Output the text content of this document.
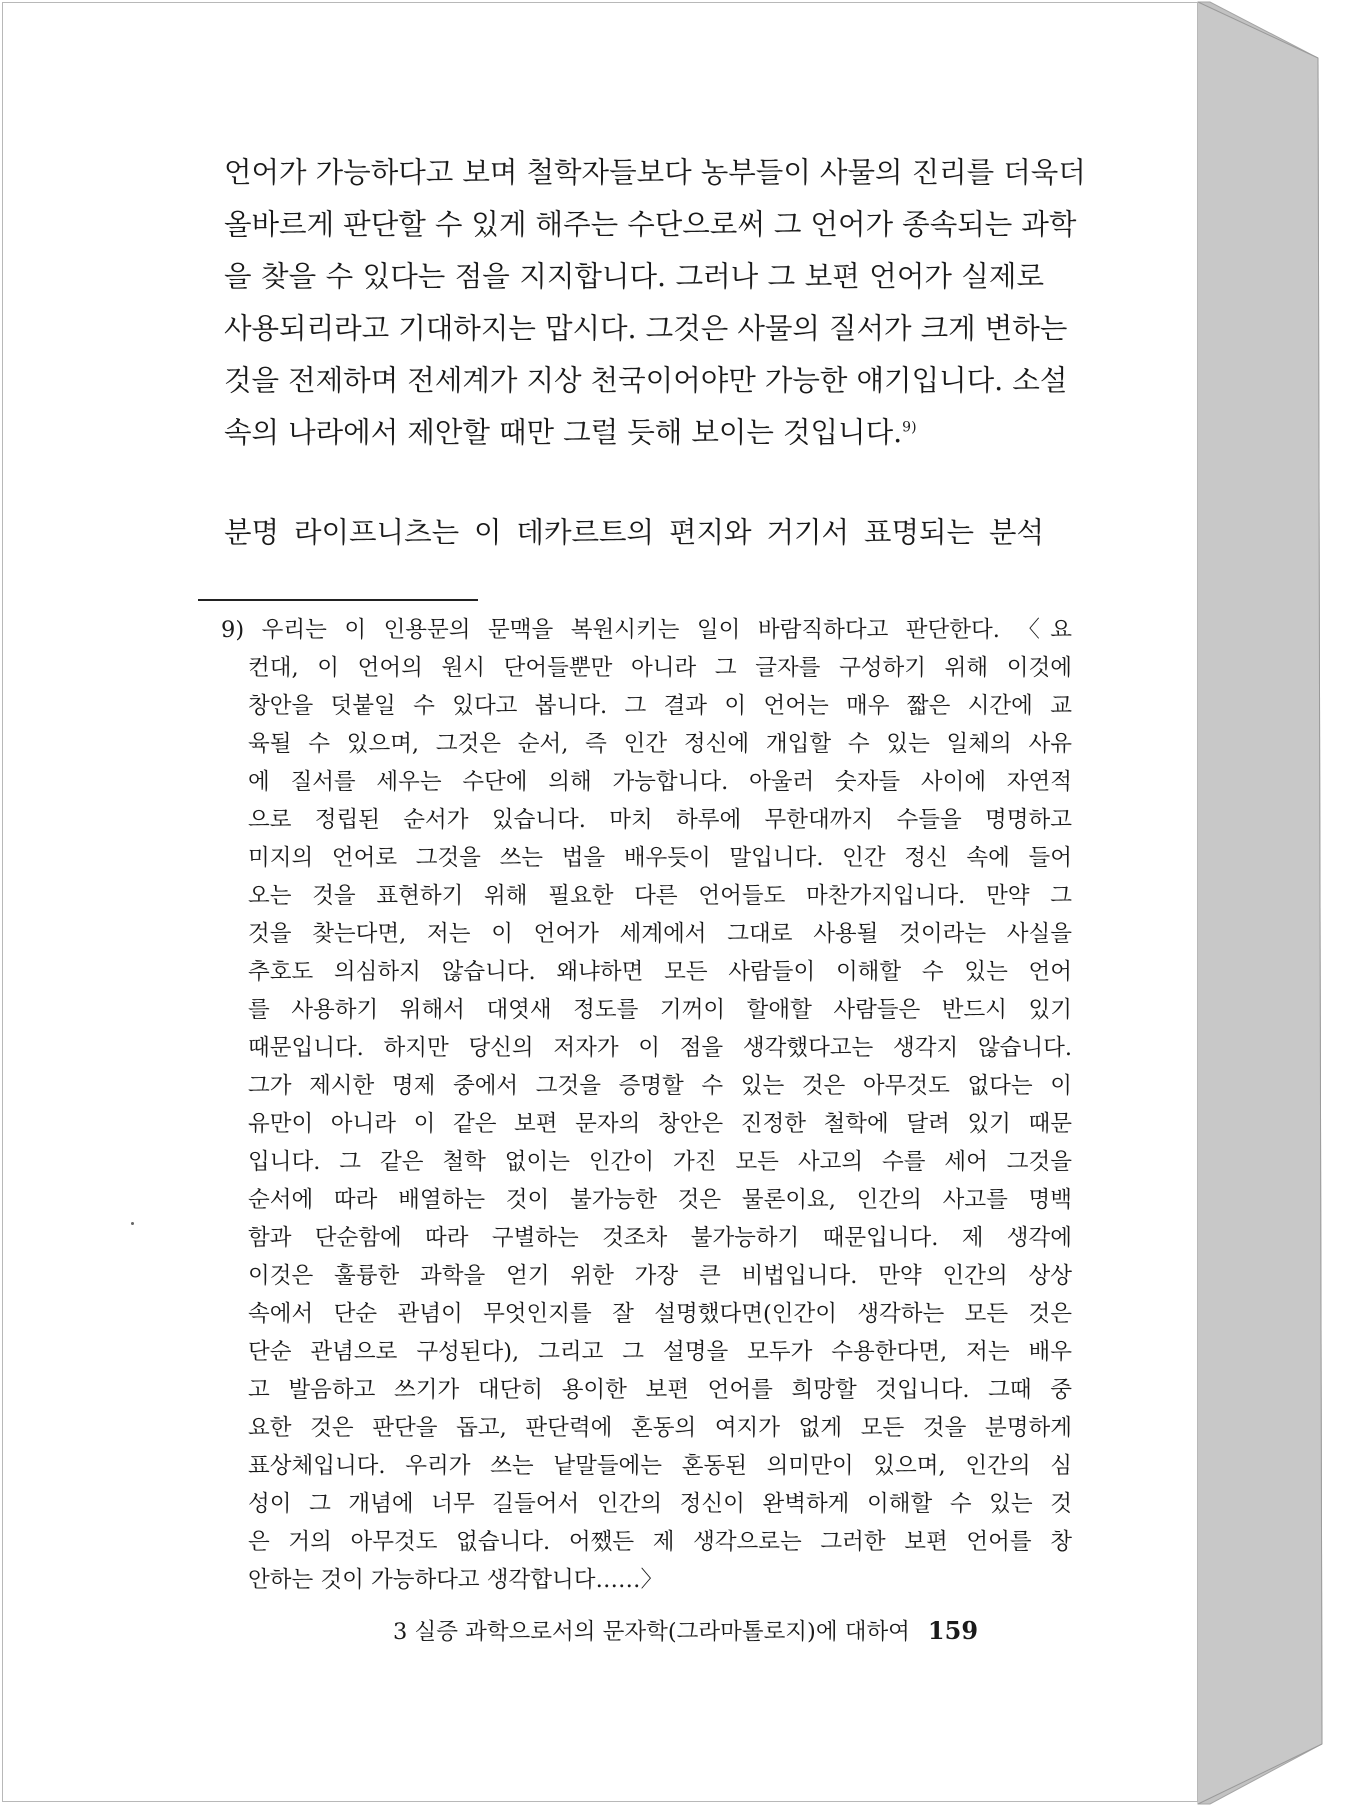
언어가 가능하다고 보며 철학자들보다 농부들이 사물의 진리를 더욱더
올바르게 판단할 수 있게 해주는 수단으로써 그 언어가 종속되는 과학
을 찾을 수 있다는 점을 지지합니다. 그러나 그 보편 언어가 실제로
사용되리라고 기대하지는 맙시다. 그것은 사물의 질서가 크게 변하는
것을 전제하며 전세계가 지상 천국이어야만 가능한 얘기입니다. 소설
속의 나라에서 제안할 때만 그럴 듯해 보이는 것입니다.$^{9)}$
분명 라이프니츠는 이 데카르트의 편지와 거기서 표명되는 분석
9) 우리는 이 인용문의 문맥을 복원시키는 일이 바람직하다고 판단한다. 〈요
컨대, 이 언어의 원시 단어들뿐만 아니라 그 글자를 구성하기 위해 이것에
창안을 덧붙일 수 있다고 봅니다. 그 결과 이 언어는 매우 짧은 시간에 교
육될 수 있으며, 그것은 순서, 즉 인간 정신에 개입할 수 있는 일체의 사유
에 질서를 세우는 수단에 의해 가능합니다. 아울러 숫자들 사이에 자연적
으로 정립된 순서가 있습니다. 마치 하루에 무한대까지 수들을 명명하고
미지의 언어로 그것을 쓰는 법을 배우듯이 말입니다. 인간 정신 속에 들어
오는 것을 표현하기 위해 필요한 다른 언어들도 마찬가지입니다. 만약 그
것을 찾는다면, 저는 이 언어가 세계에서 그대로 사용될 것이라는 사실을
추호도 의심하지 않습니다. 왜냐하면 모든 사람들이 이해할 수 있는 언어
를 사용하기 위해서 대엿새 정도를 기꺼이 할애할 사람들은 반드시 있기
때문입니다. 하지만 당신의 저자가 이 점을 생각했다고는 생각지 않습니다.
그가 제시한 명제 중에서 그것을 증명할 수 있는 것은 아무것도 없다는 이
유만이 아니라 이 같은 보편 문자의 창안은 진정한 철학에 달려 있기 때문
입니다. 그 같은 철학 없이는 인간이 가진 모든 사고의 수를 세어 그것을
순서에 따라 배열하는 것이 불가능한 것은 물론이요, 인간의 사고를 명백
함과 단순함에 따라 구별하는 것조차 불가능하기 때문입니다. 제 생각에
이것은 훌륭한 과학을 얻기 위한 가장 큰 비법입니다. 만약 인간의 상상
속에서 단순 관념이 무엇인지를 잘 설명했다면(인간이 생각하는 모든 것은
단순 관념으로 구성된다), 그리고 그 설명을 모두가 수용한다면, 저는 배우
고 발음하고 쓰기가 대단히 용이한 보편 언어를 희망할 것입니다. 그때 중
요한 것은 판단을 돕고, 판단력에 혼동의 여지가 없게 모든 것을 분명하게
표상체입니다. 우리가 쓰는 낱말들에는 혼동된 의미만이 있으며, 인간의 심
성이 그 개념에 너무 길들어서 인간의 정신이 완벽하게 이해할 수 있는 것
은 거의 아무것도 없습니다. 어쨌든 제 생각으로는 그러한 보편 언어를 창
안하는 것이 가능하다고 생각합니다……〉
3 실증 과학으로서의 문자학(그라마톨로지)에 대하여 159
